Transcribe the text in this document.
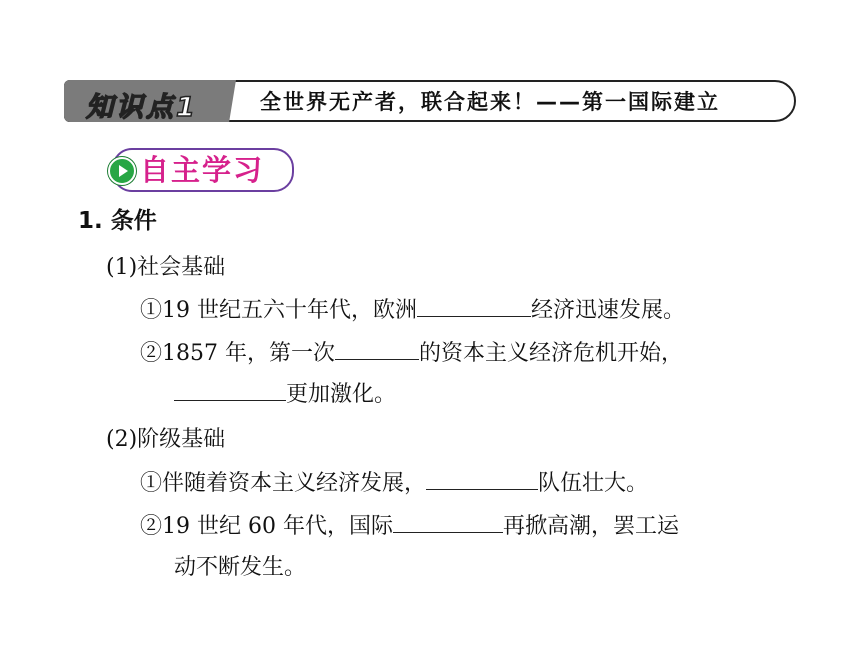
知识点1	全世界无产者，联合起来！——第一国际建立
自主学习
1. 条件
(1)社会基础
①19 世纪五六十年代，欧洲	经济迅速发展。
②1857 年，第一次	的资本主义经济危机开始，
更加激化。
(2)阶级基础
①伴随着资本主义经济发展，	队伍壮大。
②19 世纪 60 年代，国际	再掀高潮，罢工运
动不断发生。
